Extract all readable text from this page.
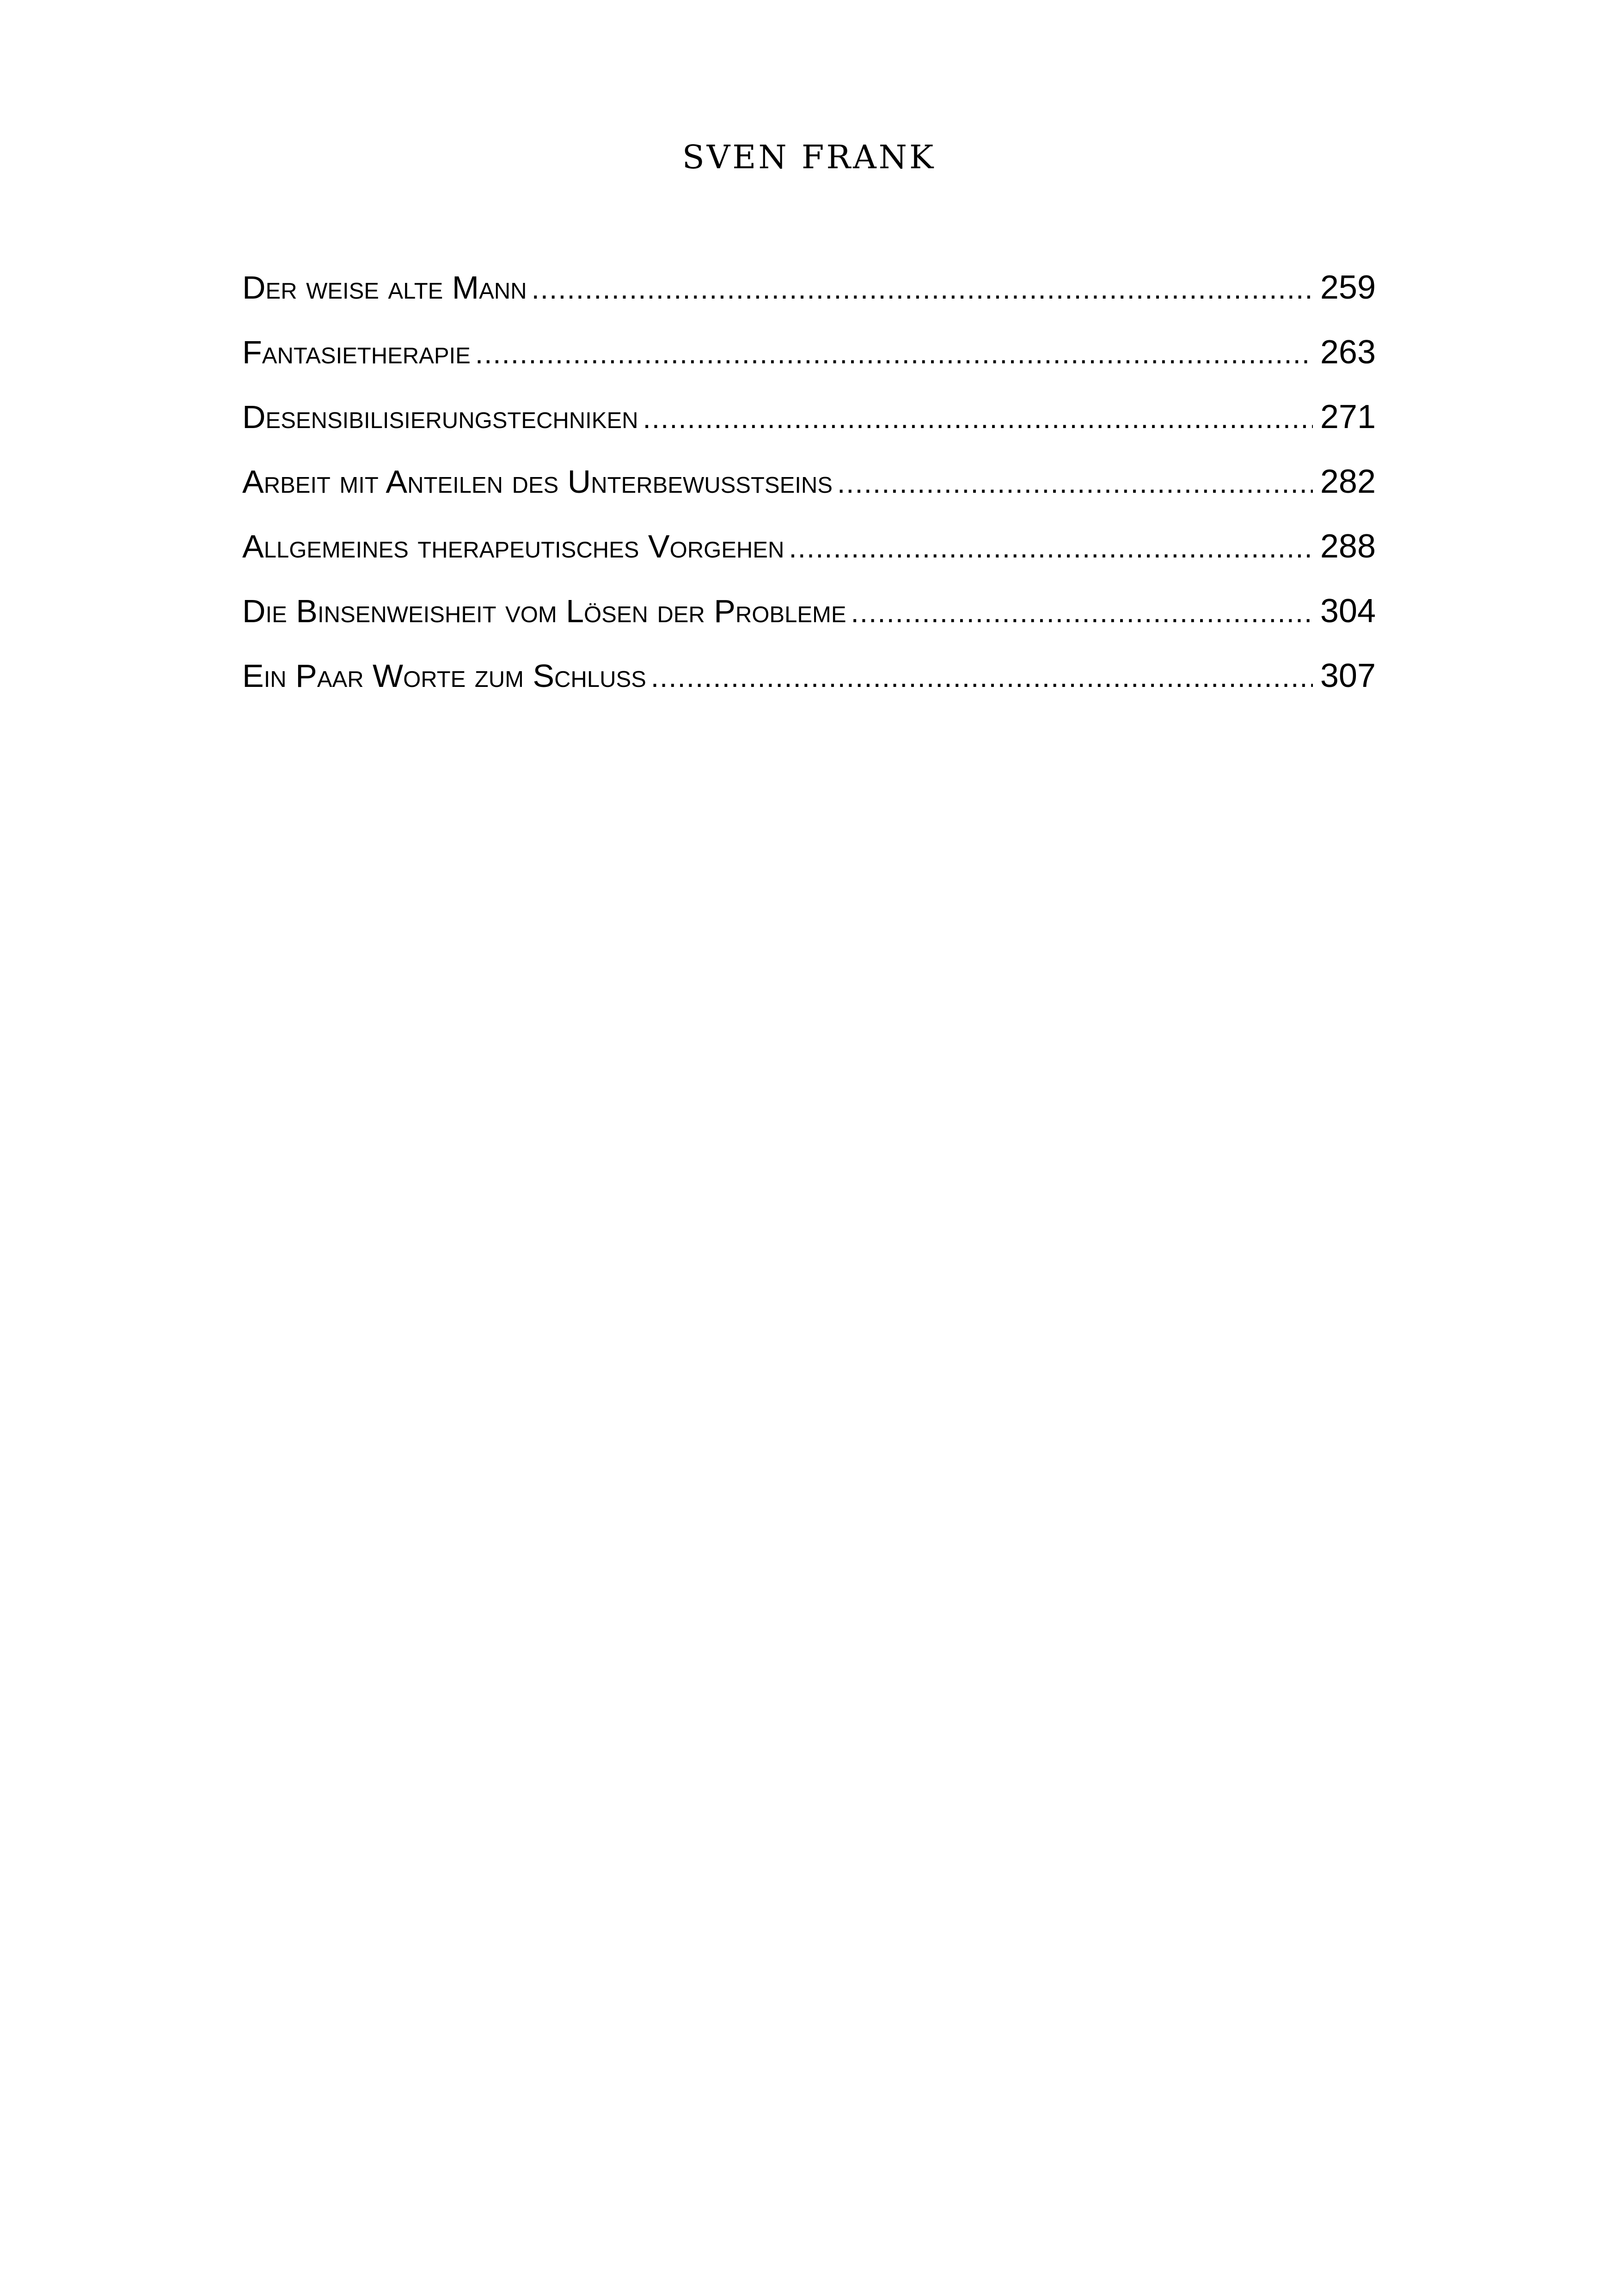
SVEN FRANK
Der weise alte Mann .....	259
Fantasietherapie .....	263
Desensibilisierungstechniken .....	271
Arbeit mit Anteilen des Unterbewusstseins .....	282
Allgemeines therapeutisches Vorgehen .....	288
Die Binsenweisheit vom Lösen der Probleme .....	304
Ein Paar Worte zum Schluss .....	307
